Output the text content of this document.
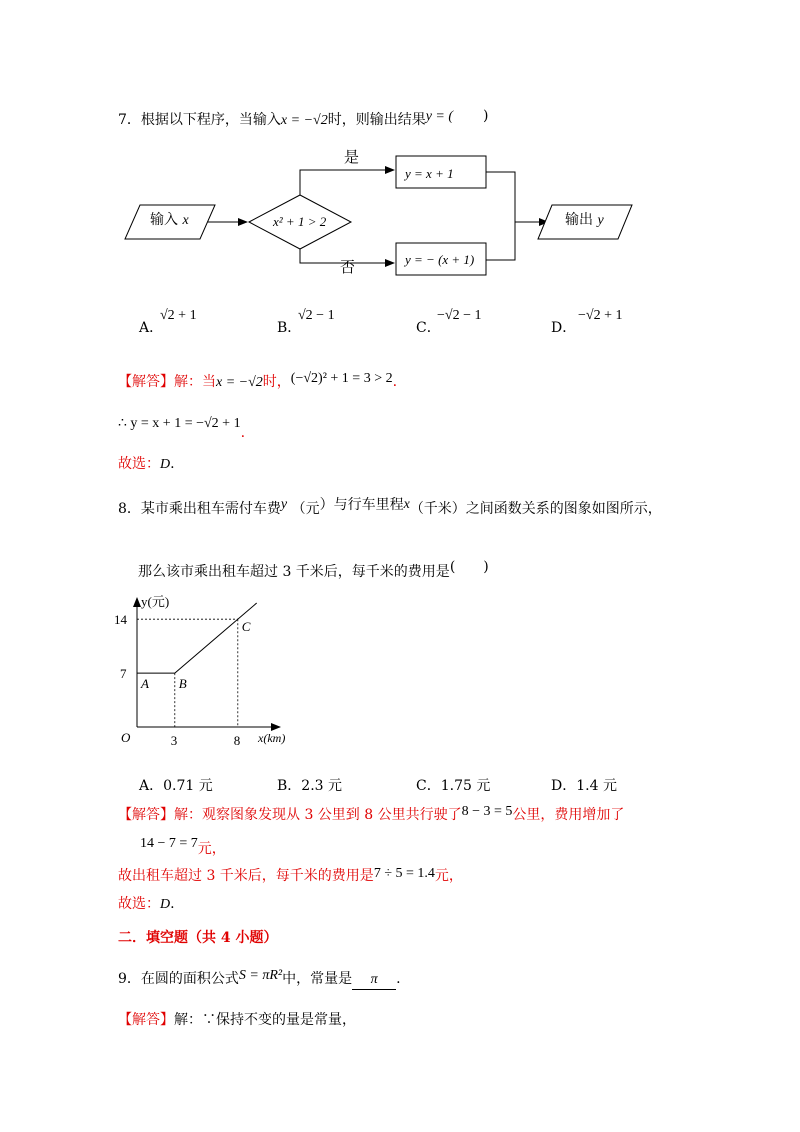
7．根据以下程序，当输入x = −√2时，则输出结果y = ( )
是
否
输入 x	x² + 1 > 2
y = x + 1
y = − (x + 1)
输出 y
A．
√2 + 1
B．
√2 − 1
C．
−√2 − 1
D．
−√2 + 1
【解答】解：当x = −√2时，(−√2)² + 1 = 3 > 2.
∴ y = x + 1 = −√2 + 1.
故选：D.
8．某市乘出租车需付车费y （元）与行车里程x（千米）之间函数关系的图象如图所示，
那么该市乘出租车超过 3 千米后，每千米的费用是(　　)
y(元)
x(km)
O
14
7
3	8
A B
C
A．0.71 元	B．2.3 元	C．1.75 元	D．1.4 元
【解答】解：观察图象发现从 3 公里到 8 公里共行驶了8 − 3 = 5公里，费用增加了
14 − 7 = 7元，
故出租车超过 3 千米后，每千米的费用是7 ÷ 5 = 1.4元，
故选：D.
二．填空题（共 4 小题）
9．在圆的面积公式S = πR²中，常量是 π .
【解答】解：∵保持不变的量是常量，
